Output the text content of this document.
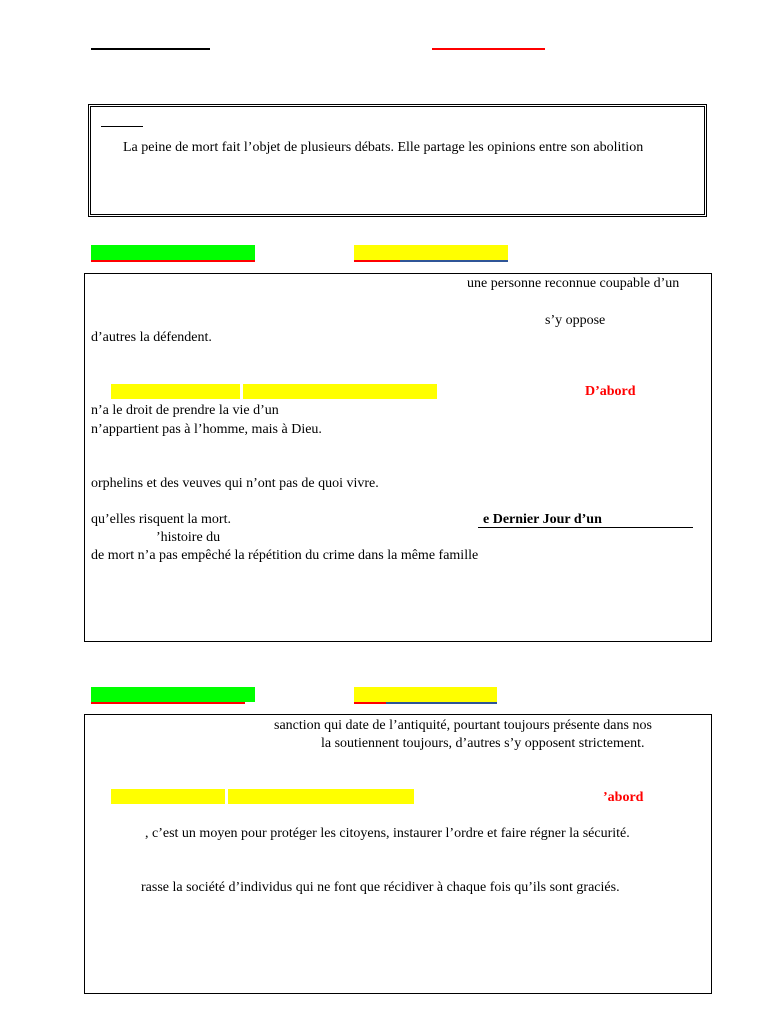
La peine de mort fait l’objet de plusieurs débats. Elle partage les opinions entre son abolition
une personne reconnue coupable d’un
s’y oppose
d’autres la défendent.
D’abord
n’a le droit de prendre la vie d’un
n’appartient pas à l’homme, mais à Dieu.
orphelins et des veuves qui n’ont pas de quoi vivre.
qu’elles risquent la mort.	e Dernier Jour d’un
’histoire du
de mort n’a pas empêché la répétition du crime dans la même famille
sanction qui date de l’antiquité, pourtant toujours présente dans nos
la soutiennent toujours, d’autres s’y opposent strictement.
’abord
, c’est un moyen pour protéger les citoyens, instaurer l’ordre et faire régner la sécurité.
rasse la société d’individus qui ne font que récidiver à chaque fois qu’ils sont graciés.
